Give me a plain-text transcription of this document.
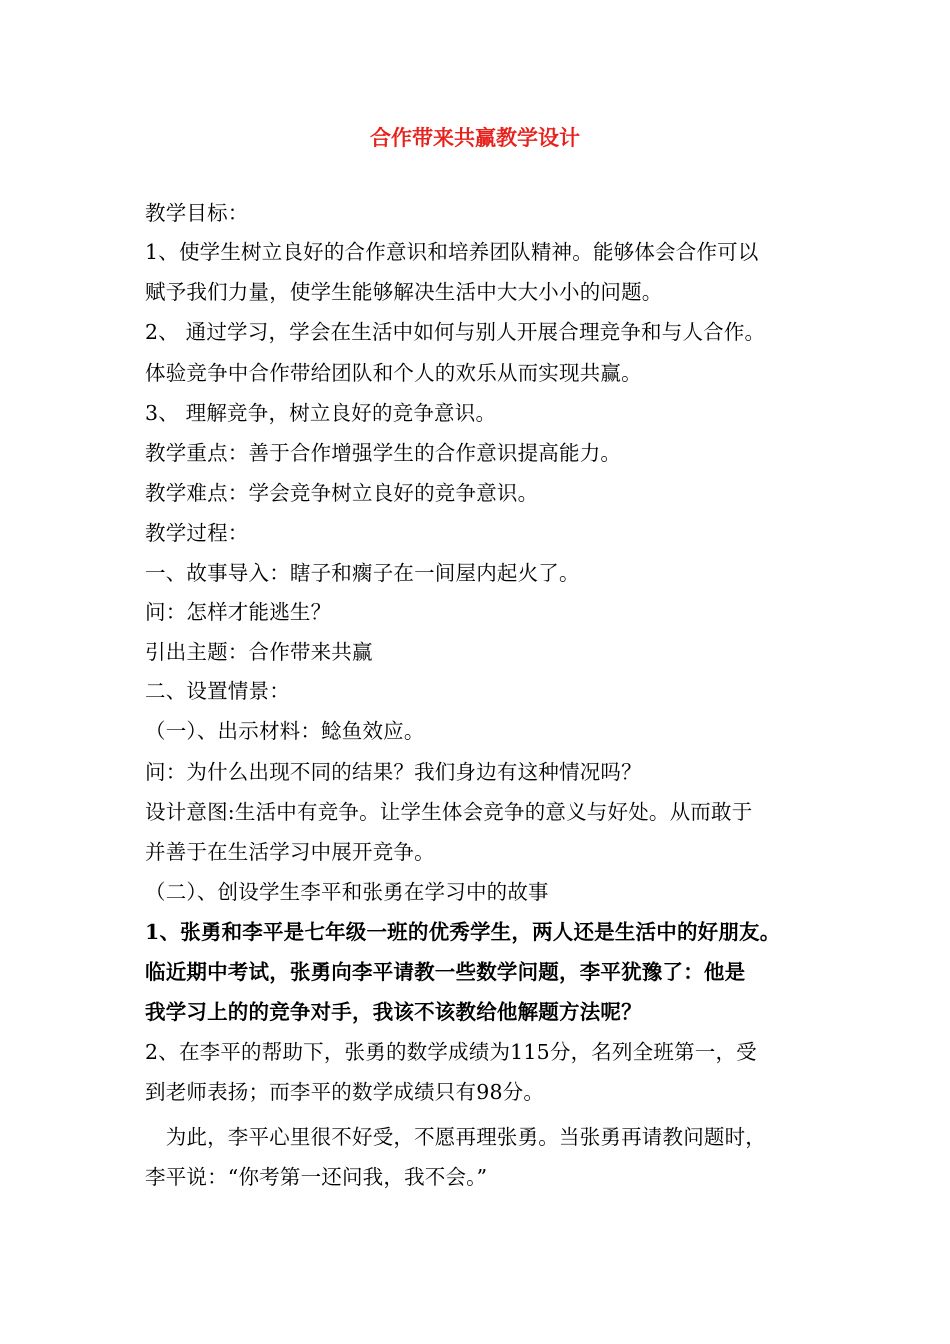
合作带来共赢教学设计
教学目标：
1、使学生树立良好的合作意识和培养团队精神。能够体会合作可以
赋予我们力量，使学生能够解决生活中大大小小的问题。
2、 通过学习，学会在生活中如何与别人开展合理竞争和与人合作。
体验竞争中合作带给团队和个人的欢乐从而实现共赢。
3、 理解竞争，树立良好的竞争意识。
教学重点：善于合作增强学生的合作意识提高能力。
教学难点：学会竞争树立良好的竞争意识。
教学过程：
一、故事导入：瞎子和瘸子在一间屋内起火了。
问：怎样才能逃生？
引出主题：合作带来共赢
二、设置情景：
（一）、出示材料：鲶鱼效应。
问：为什么出现不同的结果？我们身边有这种情况吗？
设计意图:生活中有竞争。让学生体会竞争的意义与好处。从而敢于
并善于在生活学习中展开竞争。
（二）、创设学生李平和张勇在学习中的故事
1、张勇和李平是七年级一班的优秀学生，两人还是生活中的好朋友。
临近期中考试，张勇向李平请教一些数学问题，李平犹豫了：他是
我学习上的的竞争对手，我该不该教给他解题方法呢？
2、在李平的帮助下，张勇的数学成绩为115分，名列全班第一，受
到老师表扬；而李平的数学成绩只有98分。
　为此，李平心里很不好受，不愿再理张勇。当张勇再请教问题时，
李平说：“你考第一还问我，我不会。”
